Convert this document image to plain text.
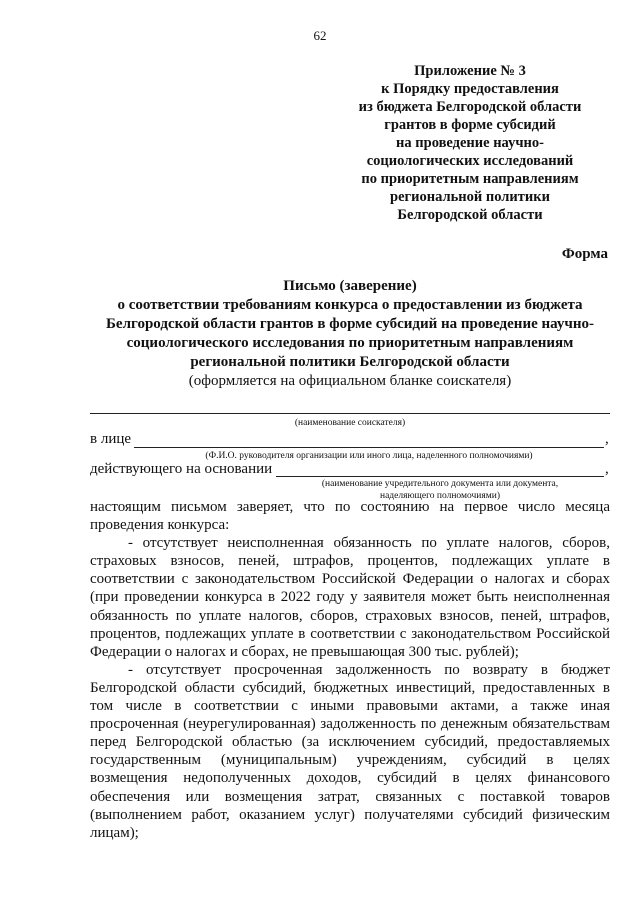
62
Приложение № 3
к Порядку предоставления
из бюджета Белгородской области
грантов в форме субсидий
на проведение научно-
социологических исследований
по приоритетным направлениям
региональной политики
Белгородской области
Форма
Письмо (заверение)
о соответствии требованиям конкурса о предоставлении из бюджета
Белгородской области грантов в форме субсидий на проведение научно-
социологического исследования по приоритетным направлениям
региональной политики Белгородской области
(оформляется на официальном бланке соискателя)
(наименование соискателя)
в лице	,
(Ф.И.О. руководителя организации или иного лица, наделенного полномочиями)
действующего на основании	,
(наименование учредительного документа или документа,
наделяющего полномочиями)

настоящим письмом заверяет, что по состоянию на первое число месяца проведения конкурса:

- отсутствует неисполненная обязанность по уплате налогов, сборов, страховых взносов, пеней, штрафов, процентов, подлежащих уплате в соответствии с законодательством Российской Федерации о налогах и сборах (при проведении конкурса в 2022 году у заявителя может быть неисполненная обязанность по уплате налогов, сборов, страховых взносов, пеней, штрафов, процентов, подлежащих уплате в соответствии с законодательством Российской Федерации о налогах и сборах, не превышающая 300 тыс. рублей);

- отсутствует просроченная задолженность по возврату в бюджет Белгородской области субсидий, бюджетных инвестиций, предоставленных в том числе в соответствии с иными правовыми актами, а также иная просроченная (неурегулированная) задолженность по денежным обязательствам перед Белгородской областью (за исключением субсидий, предоставляемых государственным (муниципальным) учреждениям, субсидий в целях возмещения недополученных доходов, субсидий в целях финансового обеспечения или возмещения затрат, связанных с поставкой товаров (выполнением работ, оказанием услуг) получателями субсидий физическим лицам);
